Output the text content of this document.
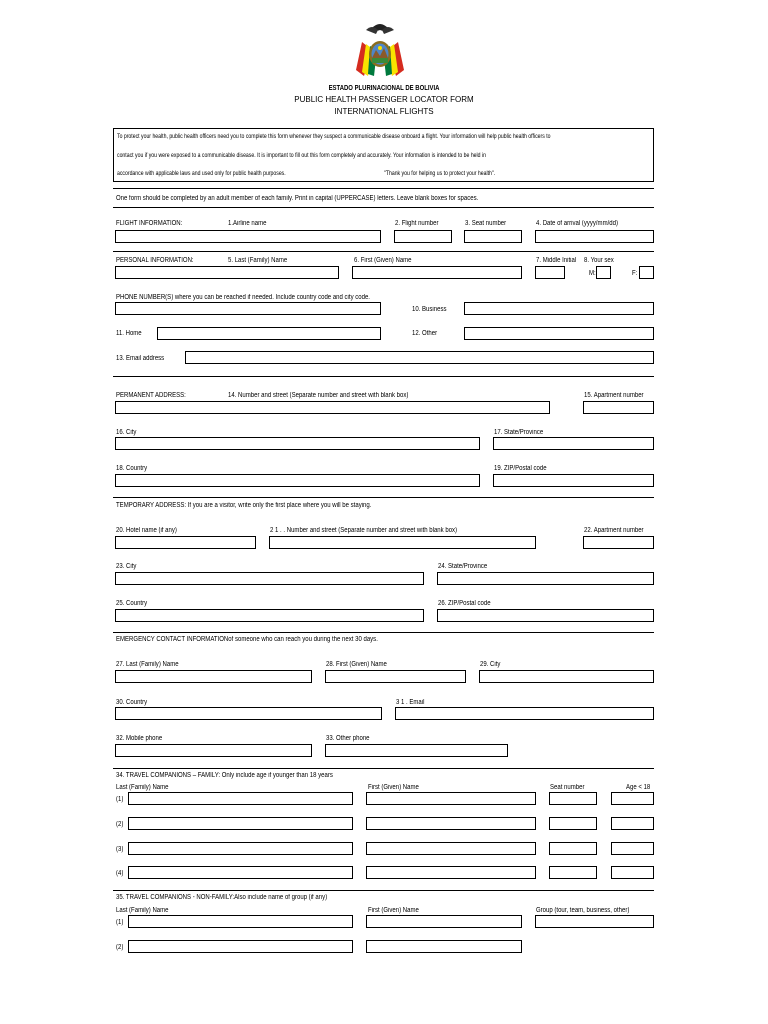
ESTADO PLURINACIONAL DE BOLIVIA
PUBLIC HEALTH PASSENGER LOCATOR FORM
INTERNATIONAL FLIGHTS
To protect your health, public health officers need you to complete this form whenever they suspect a communicable disease onboard a flight. Your information will help public health officers to
contact you if you were exposed to a communicable disease. It is important to fill out this form completely and accurately. Your information is intended to be held in
accordance with applicable laws and used only for public health purposes.	"Thank you for helping us to protect your health".
One form should be completed by an adult member of each family. Print in capital (UPPERCASE) letters. Leave blank boxes for spaces.
FLIGHT INFORMATION:	1.Airline name	2. Flight number	3. Seat number	4. Date of arrival (yyyy/mm/dd)
PERSONAL INFORMATION:	5. Last (Family) Name	6. First (Given) Name	7. Middle Initial 8. Your sex
M:	F:
PHONE NUMBER(S) where you can be reached if needed. Include country code and city code.
10. Business
11. Home	12. Other
13. Email address
PERMANENT ADDRESS:	14. Number and street (Separate number and street with blank box)	15. Apartment number
16. City	17. State/Province
18. Country	19. ZIP/Postal code
TEMPORARY ADDRESS: If you are a visitor, write only the first place where you will be staying.
20. Hotel name (if any)	2 1 . . Number and street (Separate number and street with blank box)	22. Apartment number
23. City	24. State/Province
25. Country	26. ZIP/Postal code
EMERGENCY CONTACT INFORMATIONof someone who can reach you during the next 30 days.
27. Last (Family) Name	28. First (Given) Name	29. City
30. Country	3 1 . Email
32. Mobile phone	33. Other phone
34. TRAVEL COMPANIONS – FAMILY: Only include age if younger than 18 years
Last (Family) Name	First (Given) Name	Seat number	Age < 18
(1)
(2)
(3)
(4)
35. TRAVEL COMPANIONS - NON-FAMILY:Also include name of group (if any)
Last (Family) Name	First (Given) Name	Group (tour, team, business, other)
(1)
(2)
